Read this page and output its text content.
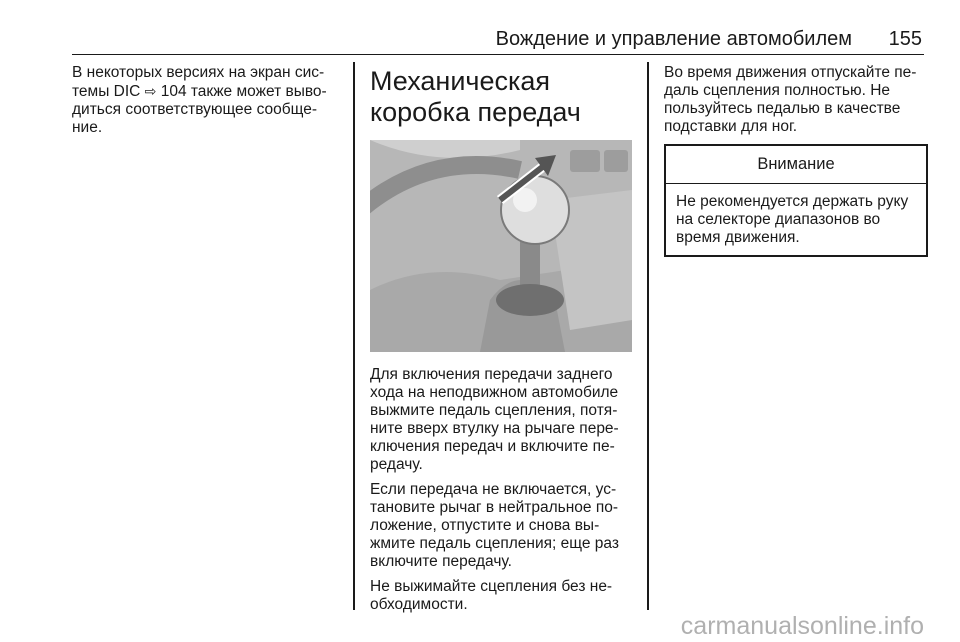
Вождение и управление автомобилем 155
В некоторых версиях на экран сис-
темы DIC ⇨ 104 также может выво-
диться соответствующее сообще-
ние.
Механическая
коробка передач
Для включения передачи заднего
хода на неподвижном автомобиле
выжмите педаль сцепления, потя-
ните вверх втулку на рычаге пере-
ключения передач и включите пе-
редачу.
Если передача не включается, ус-
тановите рычаг в нейтральное по-
ложение, отпустите и снова вы-
жмите педаль сцепления; еще раз
включите передачу.
Не выжимайте сцепления без не-
обходимости.
Во время движения отпускайте пе-
даль сцепления полностью. Не
пользуйтесь педалью в качестве
подставки для ног.
Внимание
Не рекомендуется держать руку
на селекторе диапазонов во
время движения.
carmanualsonline.info
